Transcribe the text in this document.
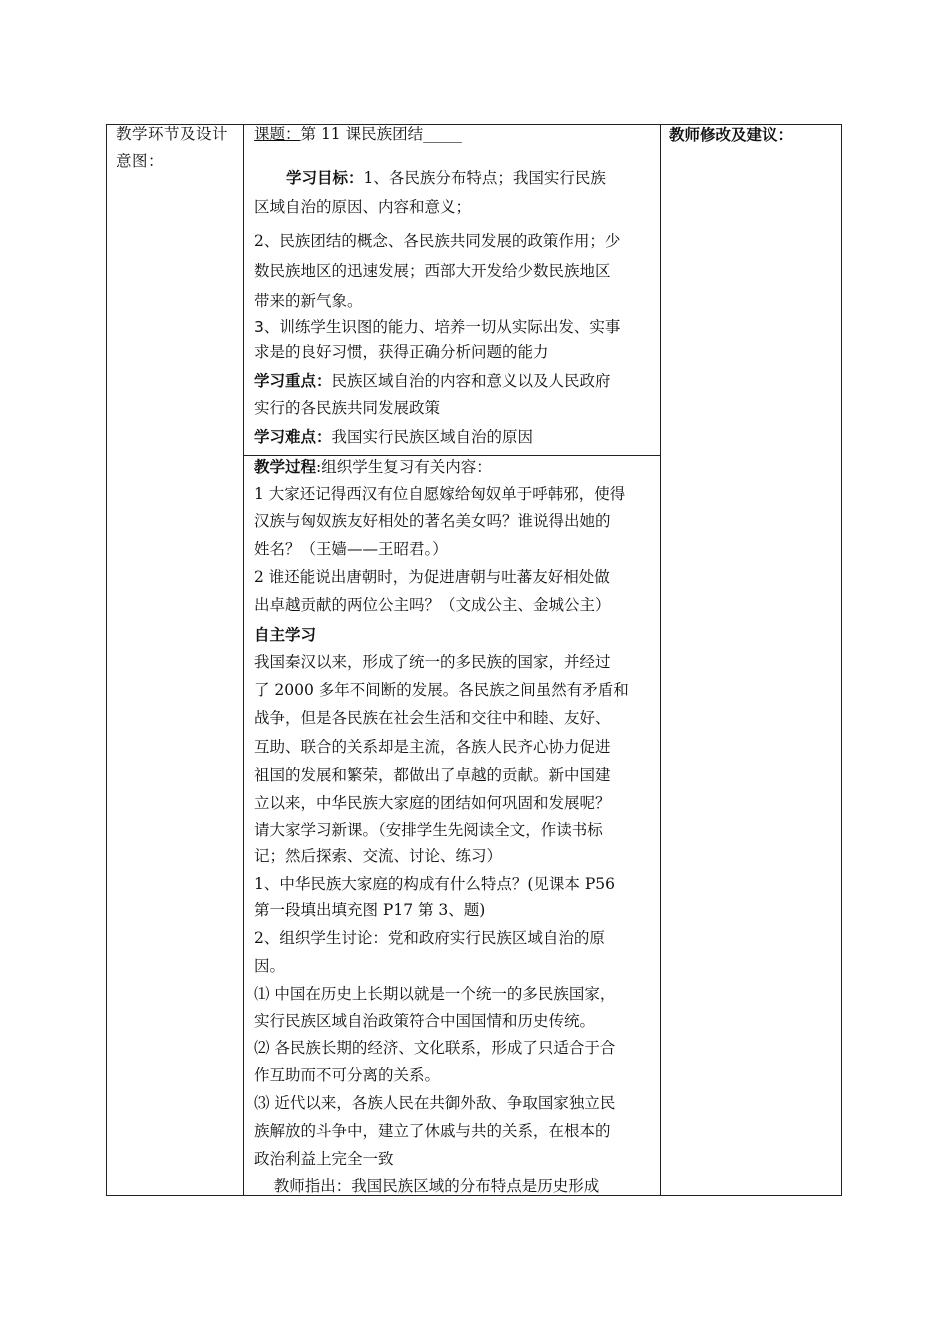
教学环节及设计意图：
教师修改及建议：
课题：第 11 课民族团结_____
学习目标：1、各民族分布特点；我国实行民族
区域自治的原因、内容和意义；
2、民族团结的概念、各民族共同发展的政策作用；少
数民族地区的迅速发展；西部大开发给少数民族地区
带来的新气象。
3、训练学生识图的能力、培养一切从实际出发、实事
求是的良好习惯，获得正确分析问题的能力
学习重点：民族区域自治的内容和意义以及人民政府
实行的各民族共同发展政策
学习难点：我国实行民族区域自治的原因
教学过程:组织学生复习有关内容：
1 大家还记得西汉有位自愿嫁给匈奴单于呼韩邪，使得
汉族与匈奴族友好相处的著名美女吗？谁说得出她的
姓名？（王嫱——王昭君。）
2 谁还能说出唐朝时，为促进唐朝与吐蕃友好相处做
出卓越贡献的两位公主吗？（文成公主、金城公主）
自主学习
我国秦汉以来，形成了统一的多民族的国家，并经过
了 2000 多年不间断的发展。各民族之间虽然有矛盾和
战争，但是各民族在社会生活和交往中和睦、友好、
互助、联合的关系却是主流，各族人民齐心协力促进
祖国的发展和繁荣，都做出了卓越的贡献。新中国建
立以来，中华民族大家庭的团结如何巩固和发展呢？
请大家学习新课。（安排学生先阅读全文，作读书标
记；然后探索、交流、讨论、练习）
1、中华民族大家庭的构成有什么特点？(见课本 P56
第一段填出填充图 P17 第 3、题)
2、组织学生讨论：党和政府实行民族区域自治的原
因。
⑴ 中国在历史上长期以就是一个统一的多民族国家，
实行民族区域自治政策符合中国国情和历史传统。
⑵ 各民族长期的经济、文化联系，形成了只适合于合
作互助而不可分离的关系。
⑶ 近代以来，各族人民在共御外敌、争取国家独立民
族解放的斗争中，建立了休戚与共的关系，在根本的
政治利益上完全一致
教师指出：我国民族区域的分布特点是历史形成
